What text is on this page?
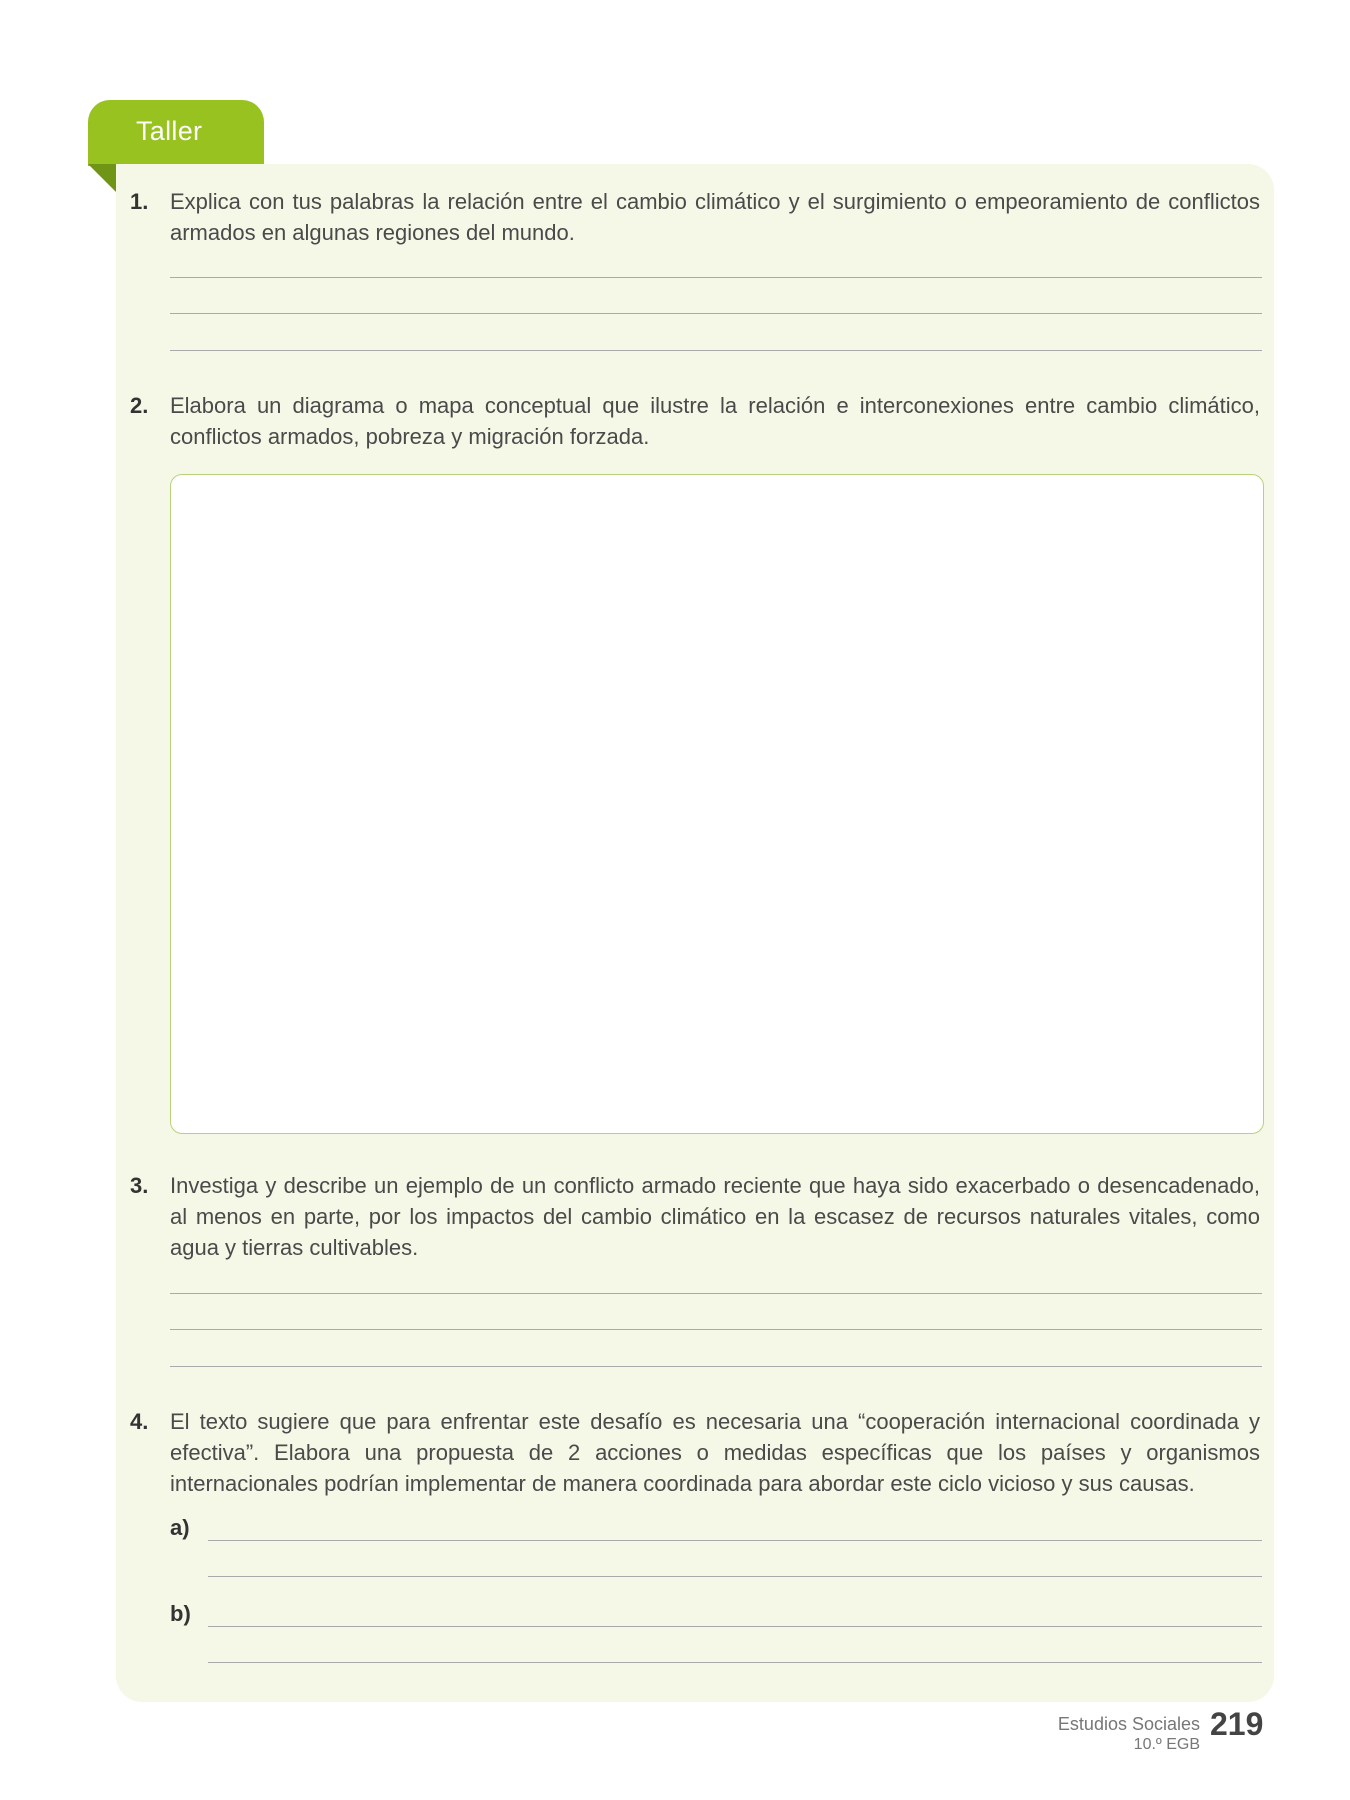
Taller
1. Explica con tus palabras la relación entre el cambio climático y el surgimiento o empeoramiento de conflictos armados en algunas regiones del mundo.
2. Elabora un diagrama o mapa conceptual que ilustre la relación e interconexiones entre cambio climático, conflictos armados, pobreza y migración forzada.
3. Investiga y describe un ejemplo de un conflicto armado reciente que haya sido exacerbado o desencadenado, al menos en parte, por los impactos del cambio climático en la escasez de recursos naturales vitales, como agua y tierras cultivables.
4. El texto sugiere que para enfrentar este desafío es necesaria una “cooperación internacional coordinada y efectiva”. Elabora una propuesta de 2 acciones o medidas específicas que los países y organismos internacionales podrían implementar de manera coordinada para abordar este ciclo vicioso y sus causas.
a)
b)
Estudios Sociales
10.º EGB
219
